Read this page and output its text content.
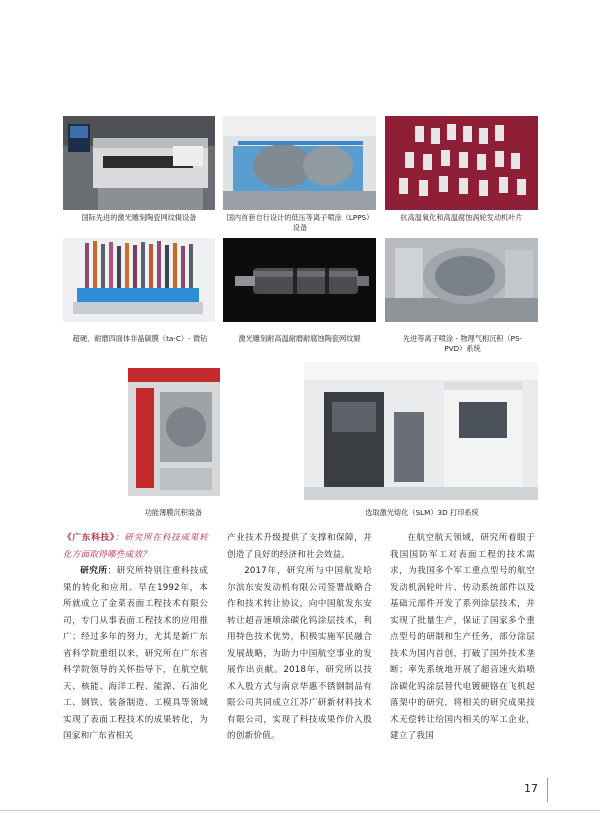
国际先进的激光雕刻陶瓷网纹辊设备	国内首套自行设计的低压等离子喷涂（LPPS）设备
抗高温氧化和高温腐蚀涡轮发动机叶片
超硬、耐磨四面体非晶碳膜（ta-C）- 微钻	激光雕刻耐高温耐磨耐腐蚀陶瓷网纹辊	先进等离子喷涂 - 物理气相沉积（PS-PVD）系统
功能薄膜沉积装备	选取激光熔化（SLM）3D 打印系统
《广东科技》：研究所在科技成果转化方面取得哪些成效？

研究所：研究所特别注重科技成果的转化和应用。早在1992年，本所就成立了金菜表面工程技术有限公司，专门从事表面工程技术的应用推广；经过多年的努力，尤其是新广东省科学院重组以来，研究所在广东省科学院领导的关怀指导下，在航空航天、核能、海洋工程、能源、石油化工、钢铁、装备制造、工模具等领域实现了表面工程技术的成果转化，为国家和广东省相关

产业技术升级提供了支撑和保障，并创造了良好的经济和社会效益。

2017年，研究所与中国航发哈尔滨东安发动机有限公司签署战略合作和技术转让协议，向中国航发东安转让超音速喷涂碳化钨涂层技术，利用特色技术优势，积极实施军民融合发展战略，为助力中国航空事业的发展作出贡献。2018年，研究所以技术入股方式与南京华惠不锈钢制品有限公司共同成立江苏广研新材料技术有限公司，实现了科技成果作价入股的创新价值。

在航空航天领域，研究所着眼于我国国防军工对表面工程的技术需求，为我国多个军工重点型号的航空发动机涡轮叶片、传动系统部件以及基础元部件开发了系列涂层技术，并实现了批量生产，保证了国家多个重点型号的研制和生产任务，部分涂层技术为国内首创，打破了国外技术垄断；率先系统地开展了超音速火焰喷涂碳化钨涂层替代电镀硬铬在飞机起落架中的研究，将相关的研究成果技术无偿转让给国内相关的军工企业，建立了我国

17
